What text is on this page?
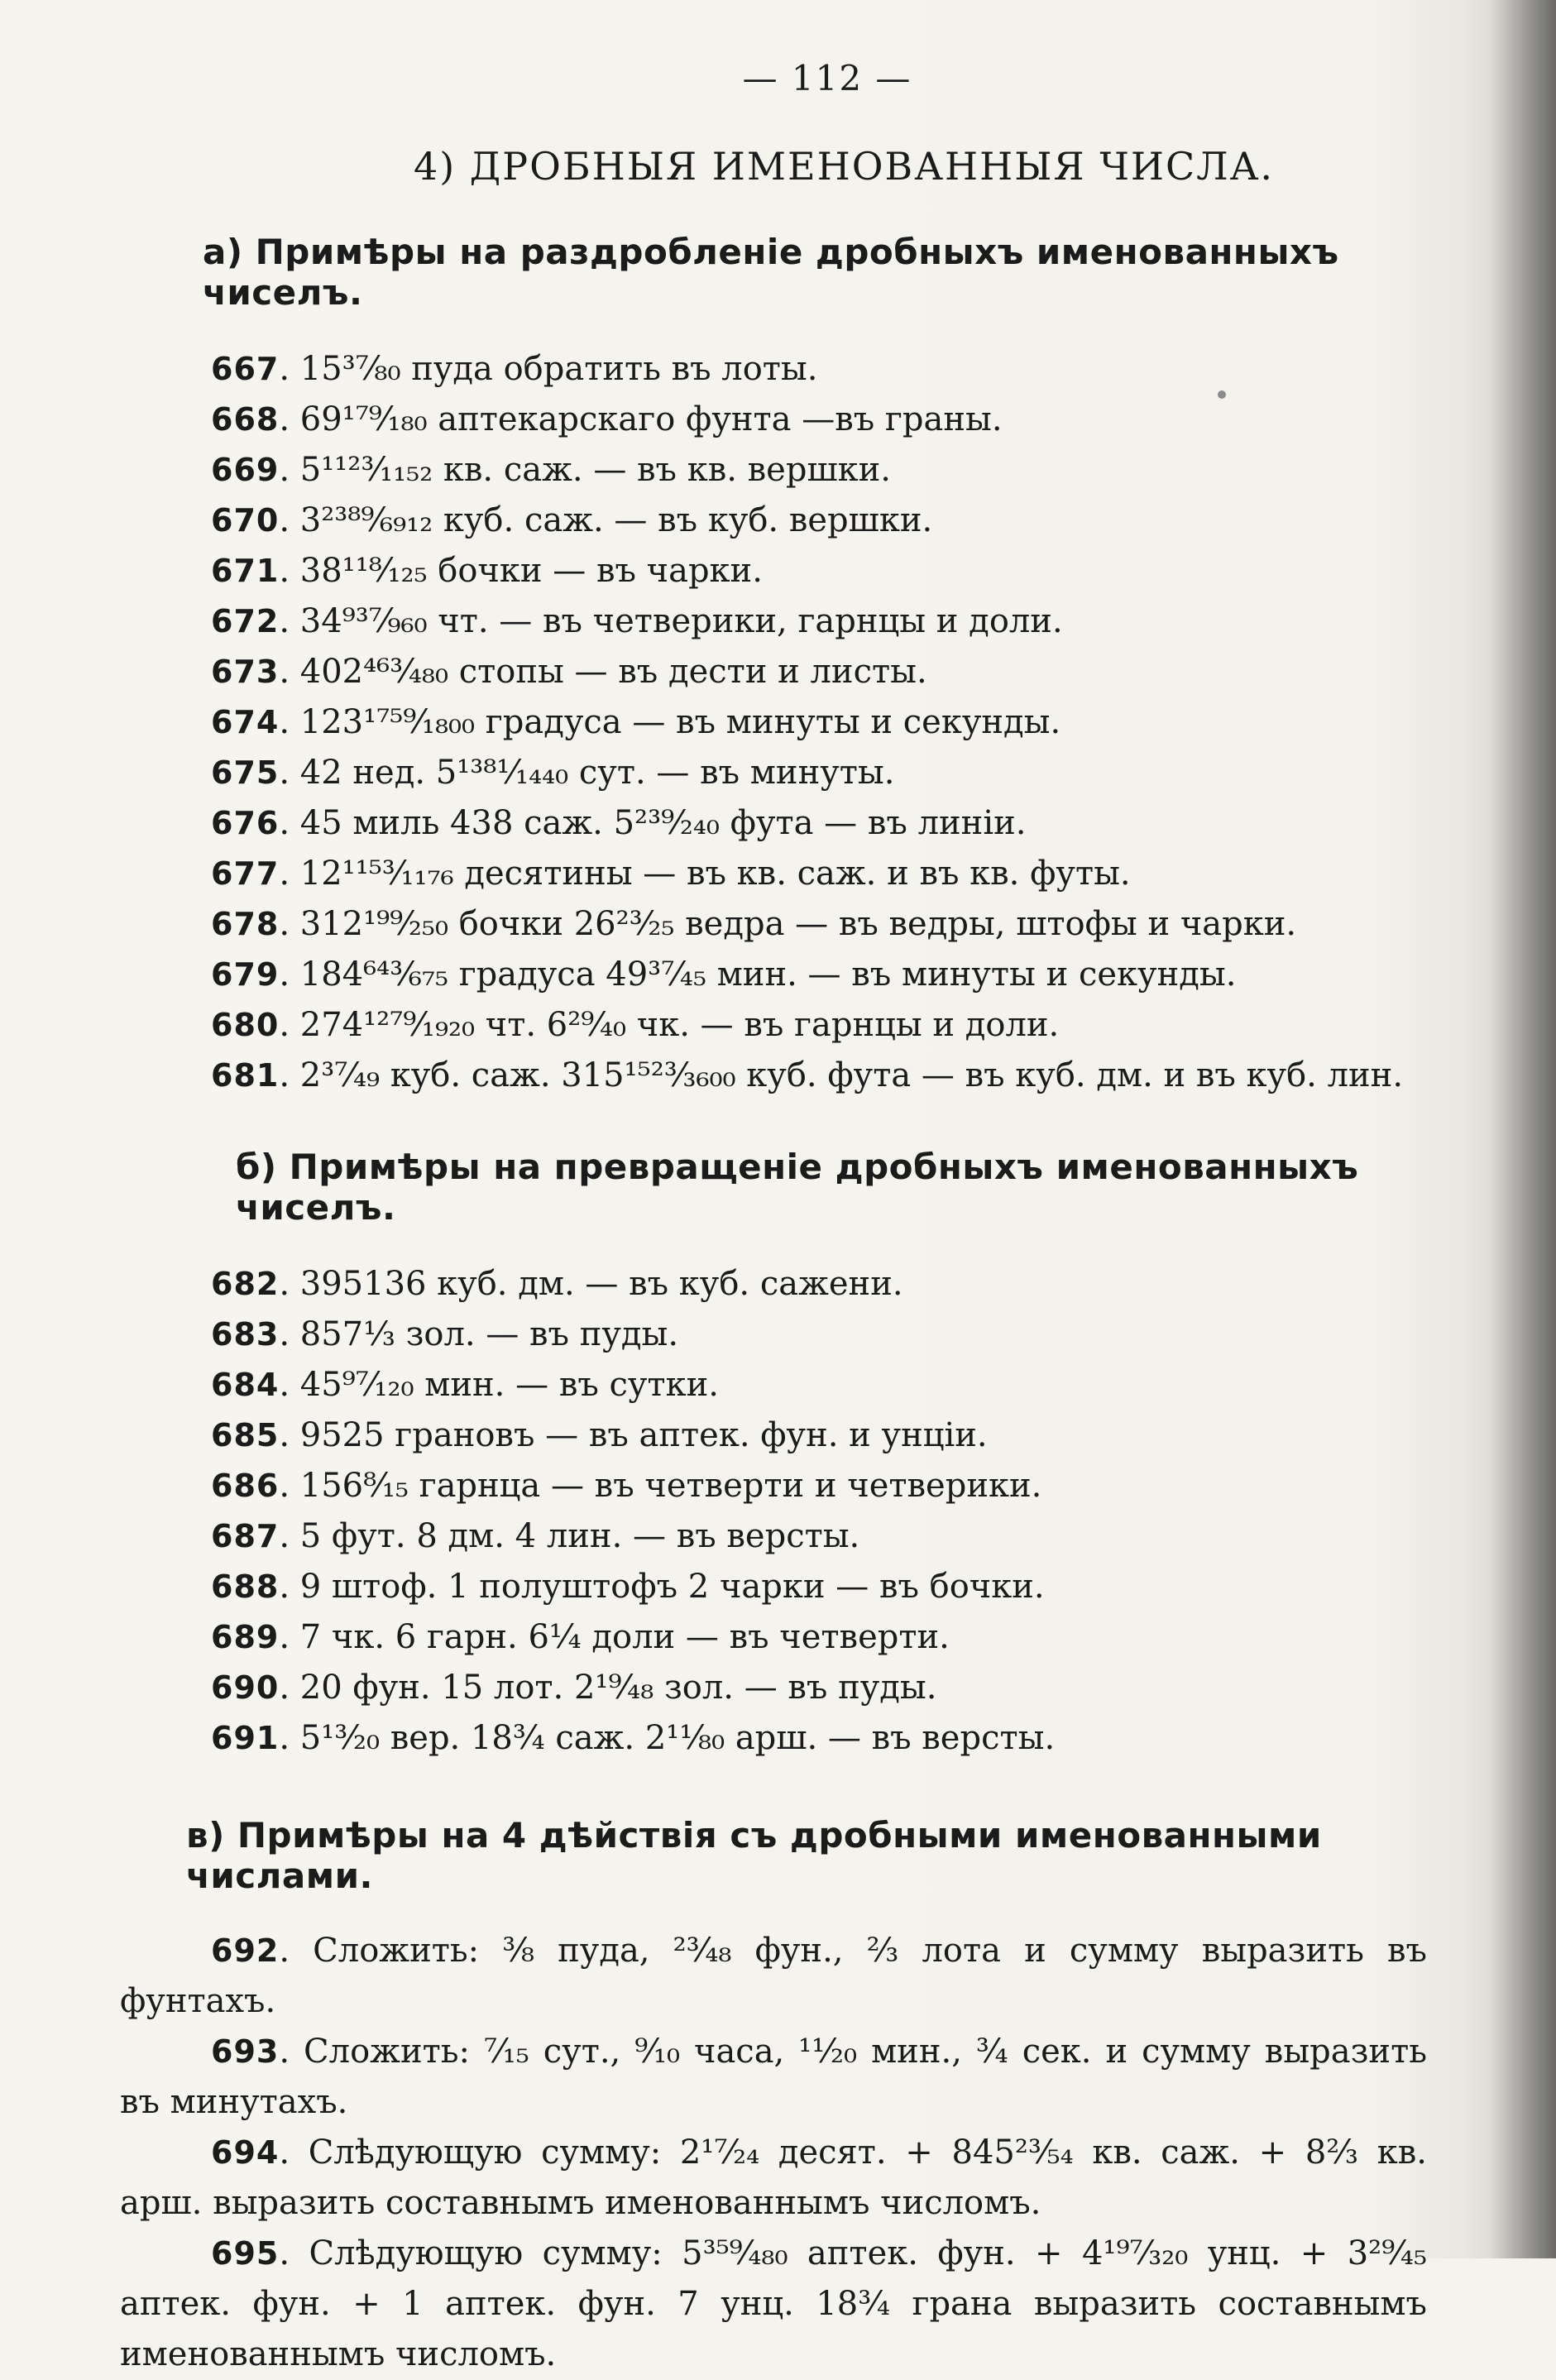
— 112 —
4) ДРОБНЫЯ ИМЕНОВАННЫЯ ЧИСЛА.
а) Примѣры на раздробленіе дробныхъ именованныхъ чиселъ.
667. 15³⁷⁄₈₀ пуда обратить въ лоты.
668. 69¹⁷⁹⁄₁₈₀ аптекарскаго фунта —въ граны.
669. 5¹¹²³⁄₁₁₅₂ кв. саж. — въ кв. вершки.
670. 3²³⁸⁹⁄₆₉₁₂ куб. саж. — въ куб. вершки.
671. 38¹¹⁸⁄₁₂₅ бочки — въ чарки.
672. 34⁹³⁷⁄₉₆₀ чт. — въ четверики, гарнцы и доли.
673. 402⁴⁶³⁄₄₈₀ стопы — въ дести и листы.
674. 123¹⁷⁵⁹⁄₁₈₀₀ градуса — въ минуты и секунды.
675. 42 нед. 5¹³⁸¹⁄₁₄₄₀ сут. — въ минуты.
676. 45 миль 438 саж. 5²³⁹⁄₂₄₀ фута — въ линіи.
677. 12¹¹⁵³⁄₁₁₇₆ десятины — въ кв. саж. и въ кв. футы.
678. 312¹⁹⁹⁄₂₅₀ бочки 26²³⁄₂₅ ведра — въ ведры, штофы и чарки.
679. 184⁶⁴³⁄₆₇₅ градуса 49³⁷⁄₄₅ мин. — въ минуты и секунды.
680. 274¹²⁷⁹⁄₁₉₂₀ чт. 6²⁹⁄₄₀ чк. — въ гарнцы и доли.
681. 2³⁷⁄₄₉ куб. саж. 315¹⁵²³⁄₃₆₀₀ куб. фута — въ куб. дм. и въ куб. лин.
б) Примѣры на превращеніе дробныхъ именованныхъ чиселъ.
682. 395136 куб. дм. — въ куб. сажени.
683. 857¹⁄₃ зол. — въ пуды.
684. 45⁹⁷⁄₁₂₀ мин. — въ сутки.
685. 9525 грановъ — въ аптек. фун. и унціи.
686. 156⁸⁄₁₅ гарнца — въ четверти и четверики.
687. 5 фут. 8 дм. 4 лин. — въ версты.
688. 9 штоф. 1 полуштофъ 2 чарки — въ бочки.
689. 7 чк. 6 гарн. 6¼ доли — въ четверти.
690. 20 фун. 15 лот. 2¹⁹⁄₄₈ зол. — въ пуды.
691. 5¹³⁄₂₀ вер. 18¾ саж. 2¹¹⁄₈₀ арш. — въ версты.
в) Примѣры на 4 дѣйствія съ дробными именованными числами.

692. Сложить: ⅜ пуда, ²³⁄₄₈ фун., ⅔ лота и сумму выразить въ фунтахъ.

693. Сложить: ⁷⁄₁₅ сут., ⁹⁄₁₀ часа, ¹¹⁄₂₀ мин., ¾ сек. и сумму выразить въ минутахъ.

694. Слѣдующую сумму: 2¹⁷⁄₂₄ десят. + 845²³⁄₅₄ кв. саж. + 8⅔ кв. арш. выразить составнымъ именованнымъ числомъ.

695. Слѣдующую сумму: 5³⁵⁹⁄₄₈₀ аптек. фун. + 4¹⁹⁷⁄₃₂₀ унц. + 3²⁹⁄₄₅ аптек. фун. + 1 аптек. фун. 7 унц. 18¾ грана выразить составнымъ именованнымъ числомъ.
